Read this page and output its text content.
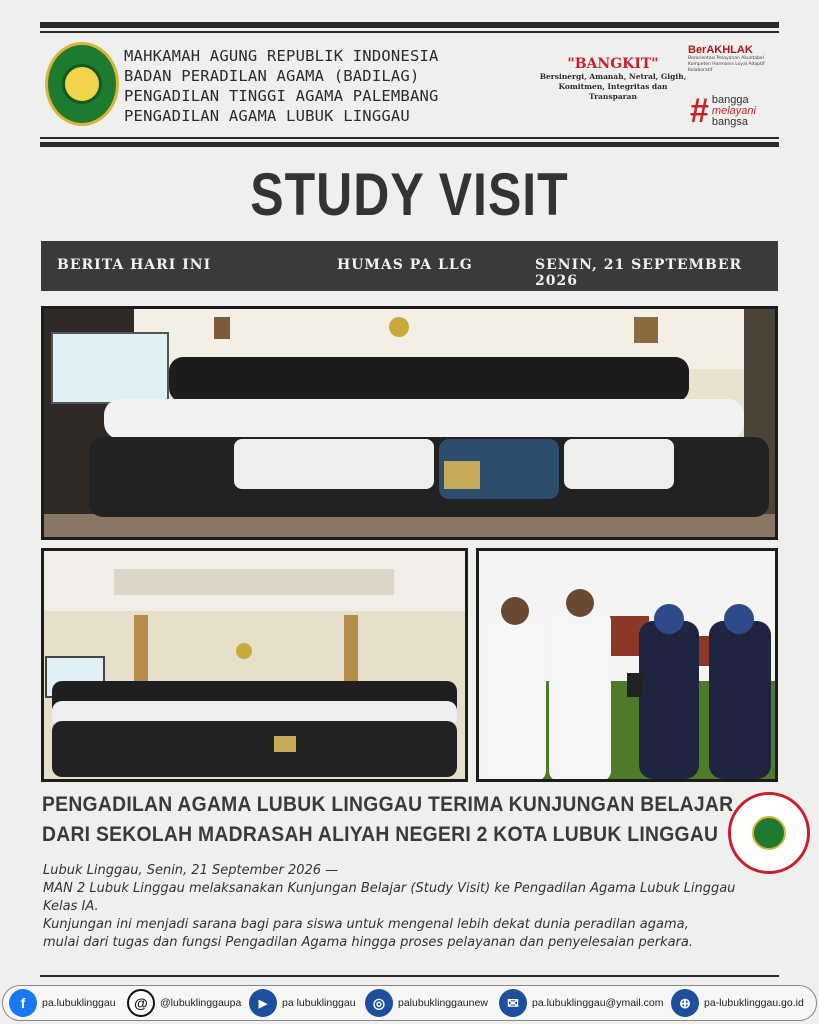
MAHKAMAH AGUNG REPUBLIK INDONESIA
BADAN PERADILAN AGAMA (BADILAG)
PENGADILAN TINGGI AGAMA PALEMBANG
PENGADILAN AGAMA LUBUK LINGGAU
"BANGKIT"
Bersinergi, Amanah, Netral, Gigih,
Komitmen, Integritas dan Transparan
BerAKHLAK
Berorientasi Pelayanan Akuntabel Kompeten Harmonis Loyal Adaptif Kolaboratif
# bangga
melayani
bangsa
STUDY VISIT
BERITA HARI INI	HUMAS PA LLG	SENIN, 21 SEPTEMBER 2026
PENGADILAN AGAMA LUBUK LINGGAU TERIMA KUNJUNGAN BELAJAR
DARI SEKOLAH MADRASAH ALIYAH NEGERI 2 KOTA LUBUK LINGGAU
Lubuk Linggau, Senin, 21 September 2026 —
MAN 2 Lubuk Linggau melaksanakan Kunjungan Belajar (Study Visit) ke Pengadilan Agama Lubuk Linggau
Kelas IA.
Kunjungan ini menjadi sarana bagi para siswa untuk mengenal lebih dekat dunia peradilan agama,
mulai dari tugas dan fungsi Pengadilan Agama hingga proses pelayanan dan penyelesaian perkara.
f	pa.lubuklinggau	@	@lubuklinggaupa	▶	pa lubuklinggau	◎	palubuklinggaunew	✉	pa.lubuklinggau@ymail.com	⊕	pa-lubuklinggau.go.id
